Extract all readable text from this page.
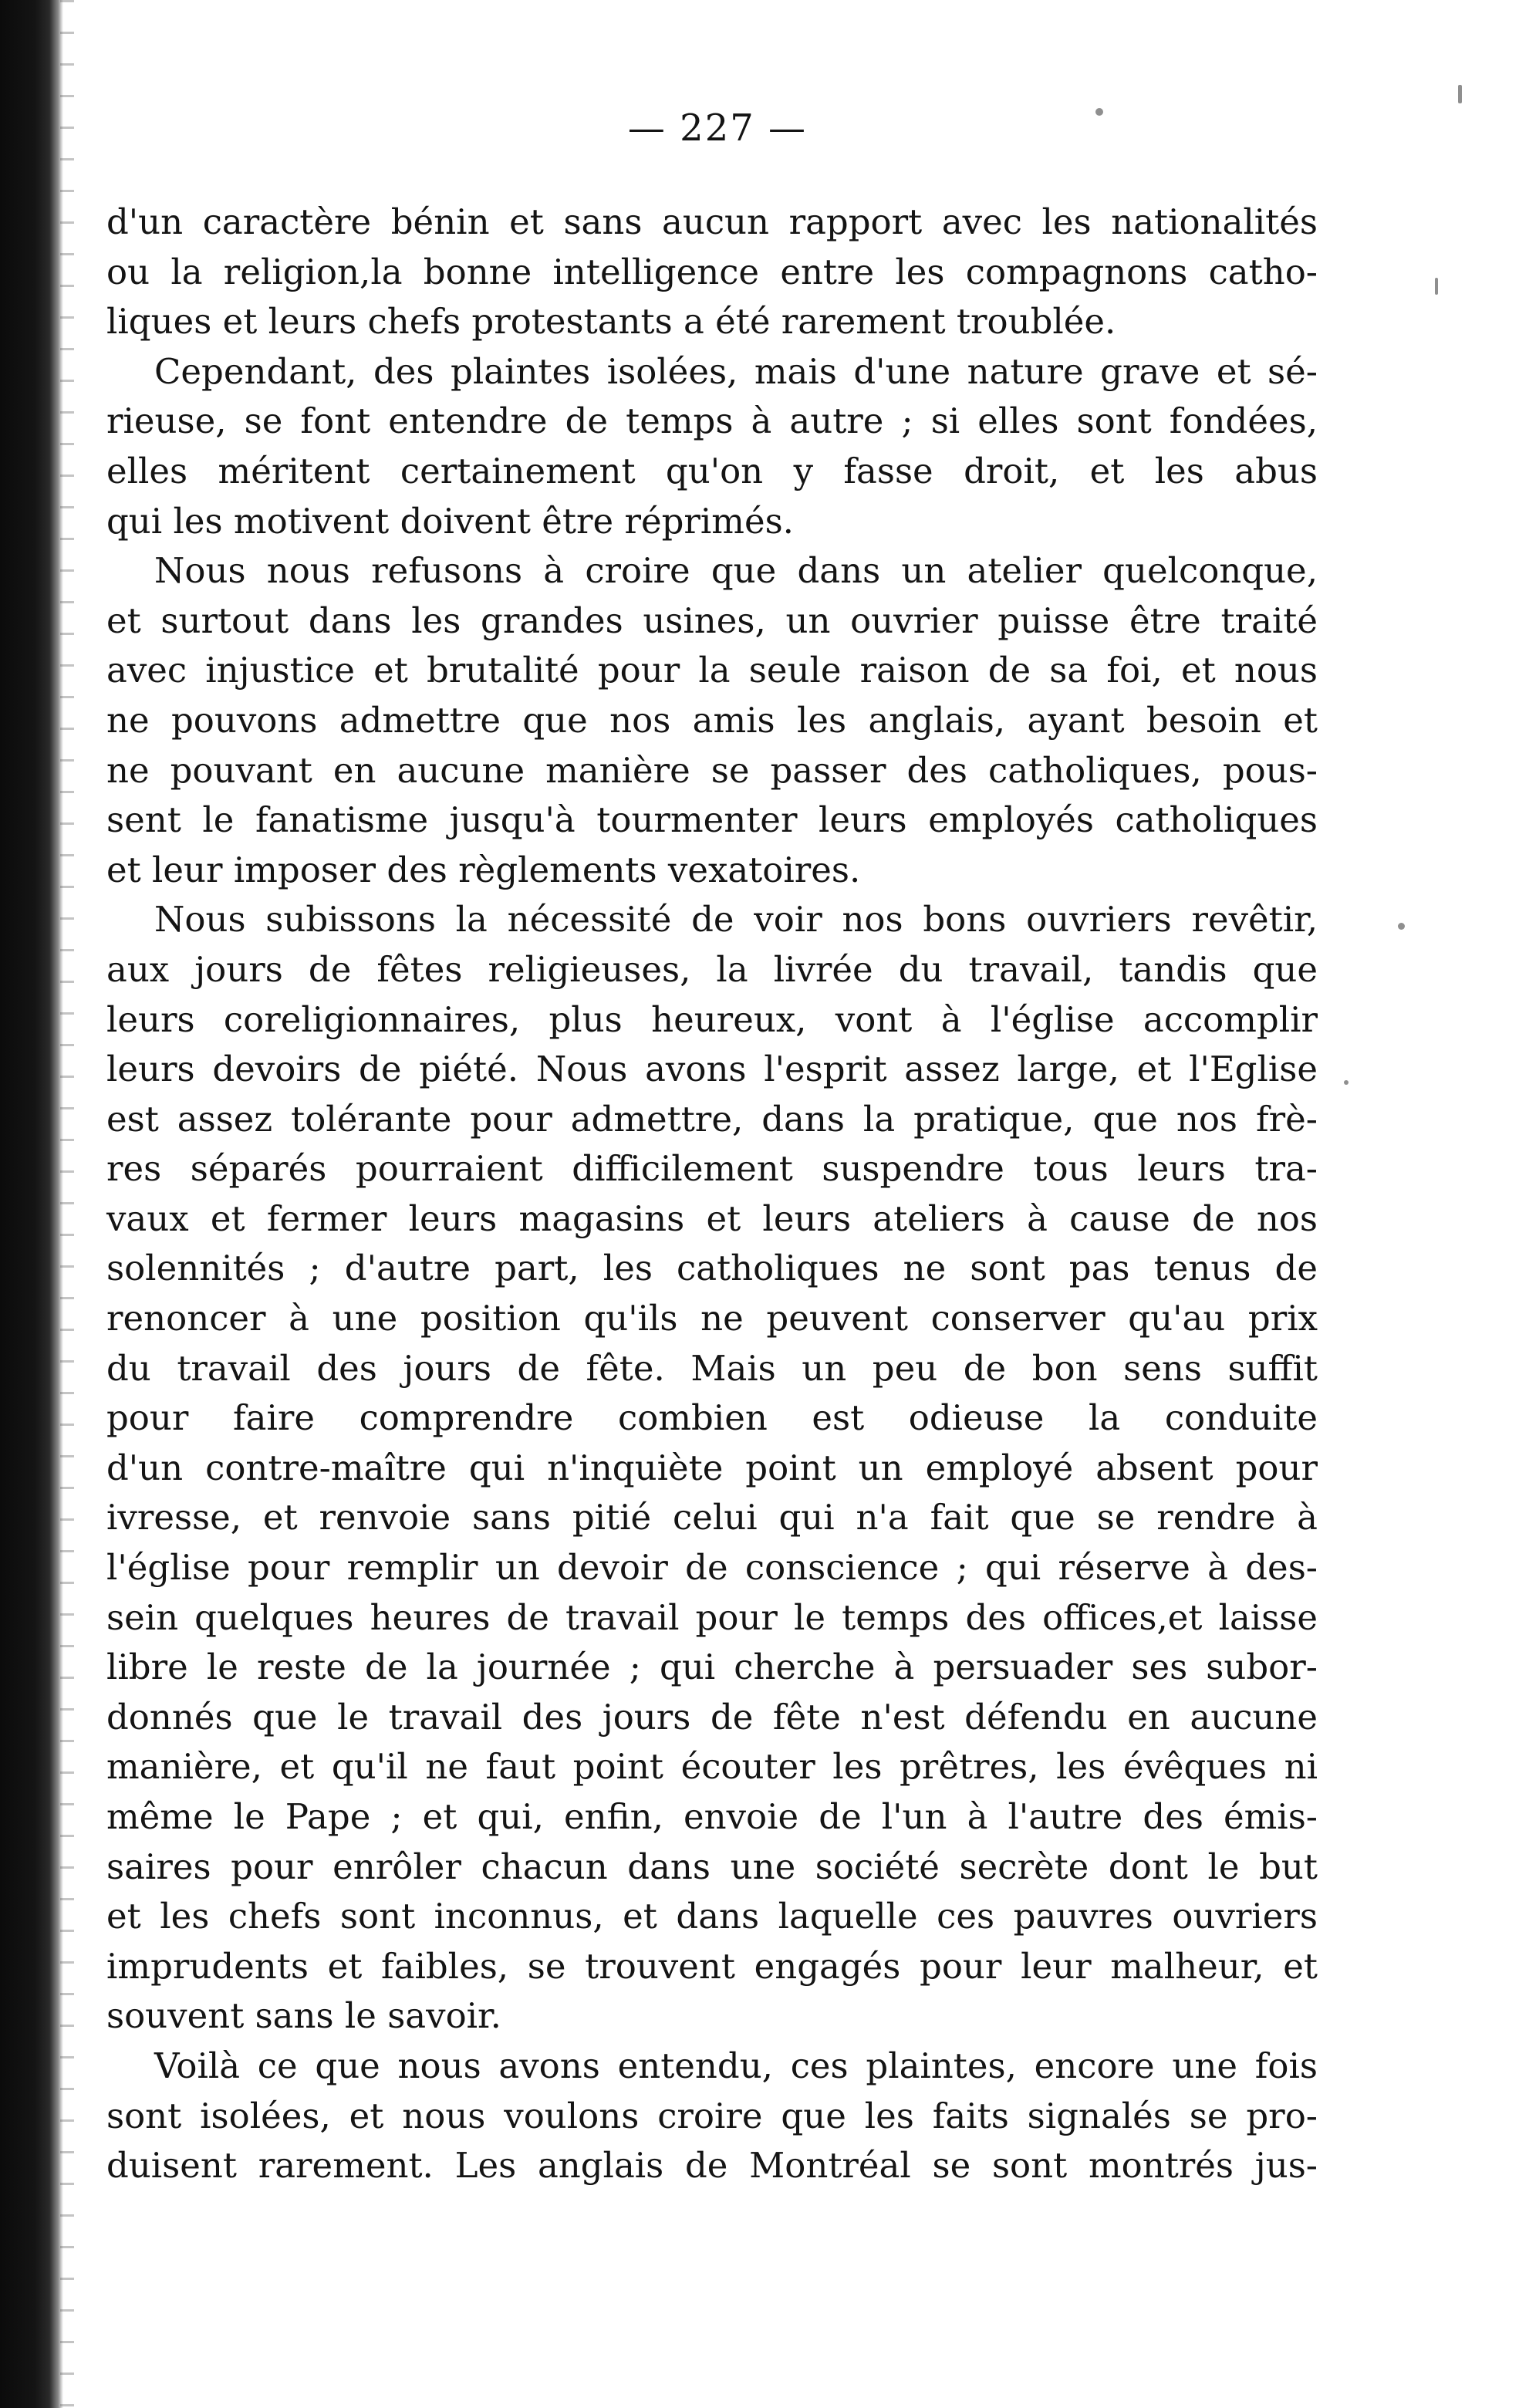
— 227 —
d'un caractère bénin et sans aucun rapport avec les nationalités
ou la religion,la bonne intelligence entre les compagnons catho-
liques et leurs chefs protestants a été rarement troublée.
Cependant, des plaintes isolées, mais d'une nature grave et sé-
rieuse, se font entendre de temps à autre ; si elles sont fondées,
elles méritent certainement qu'on y fasse droit, et les abus
qui les motivent doivent être réprimés.
Nous nous refusons à croire que dans un atelier quelconque,
et surtout dans les grandes usines, un ouvrier puisse être traité
avec injustice et brutalité pour la seule raison de sa foi, et nous
ne pouvons admettre que nos amis les anglais, ayant besoin et
ne pouvant en aucune manière se passer des catholiques, pous-
sent le fanatisme jusqu'à tourmenter leurs employés catholiques
et leur imposer des règlements vexatoires.
Nous subissons la nécessité de voir nos bons ouvriers revêtir,
aux jours de fêtes religieuses, la livrée du travail, tandis que
leurs coreligionnaires, plus heureux, vont à l'église accomplir
leurs devoirs de piété. Nous avons l'esprit assez large, et l'Eglise
est assez tolérante pour admettre, dans la pratique, que nos frè-
res séparés pourraient difficilement suspendre tous leurs tra-
vaux et fermer leurs magasins et leurs ateliers à cause de nos
solennités ; d'autre part, les catholiques ne sont pas tenus de
renoncer à une position qu'ils ne peuvent conserver qu'au prix
du travail des jours de fête. Mais un peu de bon sens suffit
pour faire comprendre combien est odieuse la conduite
d'un contre-maître qui n'inquiète point un employé absent pour
ivresse, et renvoie sans pitié celui qui n'a fait que se rendre à
l'église pour remplir un devoir de conscience ; qui réserve à des-
sein quelques heures de travail pour le temps des offices,et laisse
libre le reste de la journée ; qui cherche à persuader ses subor-
donnés que le travail des jours de fête n'est défendu en aucune
manière, et qu'il ne faut point écouter les prêtres, les évêques ni
même le Pape ; et qui, enfin, envoie de l'un à l'autre des émis-
saires pour enrôler chacun dans une société secrète dont le but
et les chefs sont inconnus, et dans laquelle ces pauvres ouvriers
imprudents et faibles, se trouvent engagés pour leur malheur, et
souvent sans le savoir.
Voilà ce que nous avons entendu, ces plaintes, encore une fois
sont isolées, et nous voulons croire que les faits signalés se pro-
duisent rarement. Les anglais de Montréal se sont montrés jus-
